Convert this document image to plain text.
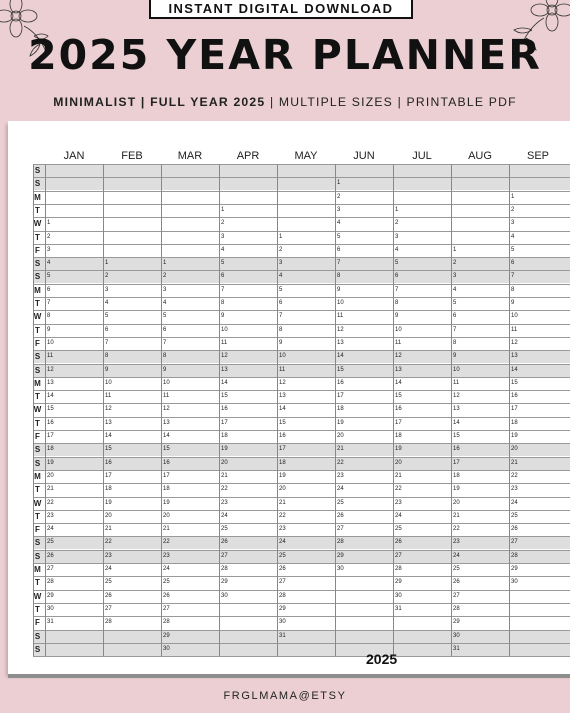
INSTANT DIGITAL DOWNLOAD
2025 YEAR PLANNER
MINIMALIST | FULL YEAR 2025 | MULTIPLE SIZES | PRINTABLE PDF
S
S
M
T
W
T
F
S
S
M
T
W
T
F
S
S
M
T
W
T
F
S
S
M
T
W
T
F
S
S
M
T
W
T
F
S
S
JAN
1
2
3
4
5
6
7
8
9
10
11
12
13
14
15
16
17
18
19
20
21
22
23
24
25
26
27
28
29
30
31
FEB
1
2
3
4
5
6
7
8
9
10
11
12
13
14
15
16
17
18
19
20
21
22
23
24
25
26
27
28
MAR
1
2
3
4
5
6
7
8
9
10
11
12
13
14
15
16
17
18
19
20
21
22
23
24
25
26
27
28
29
30
APR
1
2
3
4
5
6
7
8
9
10
11
12
13
14
15
16
17
18
19
20
21
22
23
24
25
26
27
28
29
30
MAY
1
2
3
4
5
6
7
8
9
10
11
12
13
14
15
16
17
18
19
20
21
22
23
24
25
26
27
28
29
30
31
JUN
1
2
3
4
5
6
7
8
9
10
11
12
13
14
15
16
17
18
19
20
21
22
23
24
25
26
27
28
29
30
JUL
1
2
3
4
5
6
7
8
9
10
11
12
13
14
15
16
17
18
19
20
21
22
23
24
25
26
27
28
29
30
31
AUG
1
2
3
4
5
6
7
8
9
10
11
12
13
14
15
16
17
18
19
20
21
22
23
24
25
26
27
28
29
30
31
SEP
1
2
3
4
5
6
7
8
9
10
11
12
13
14
15
16
17
18
19
20
21
22
23
24
25
26
27
28
29
30
2025
FRGLMAMA@ETSY
